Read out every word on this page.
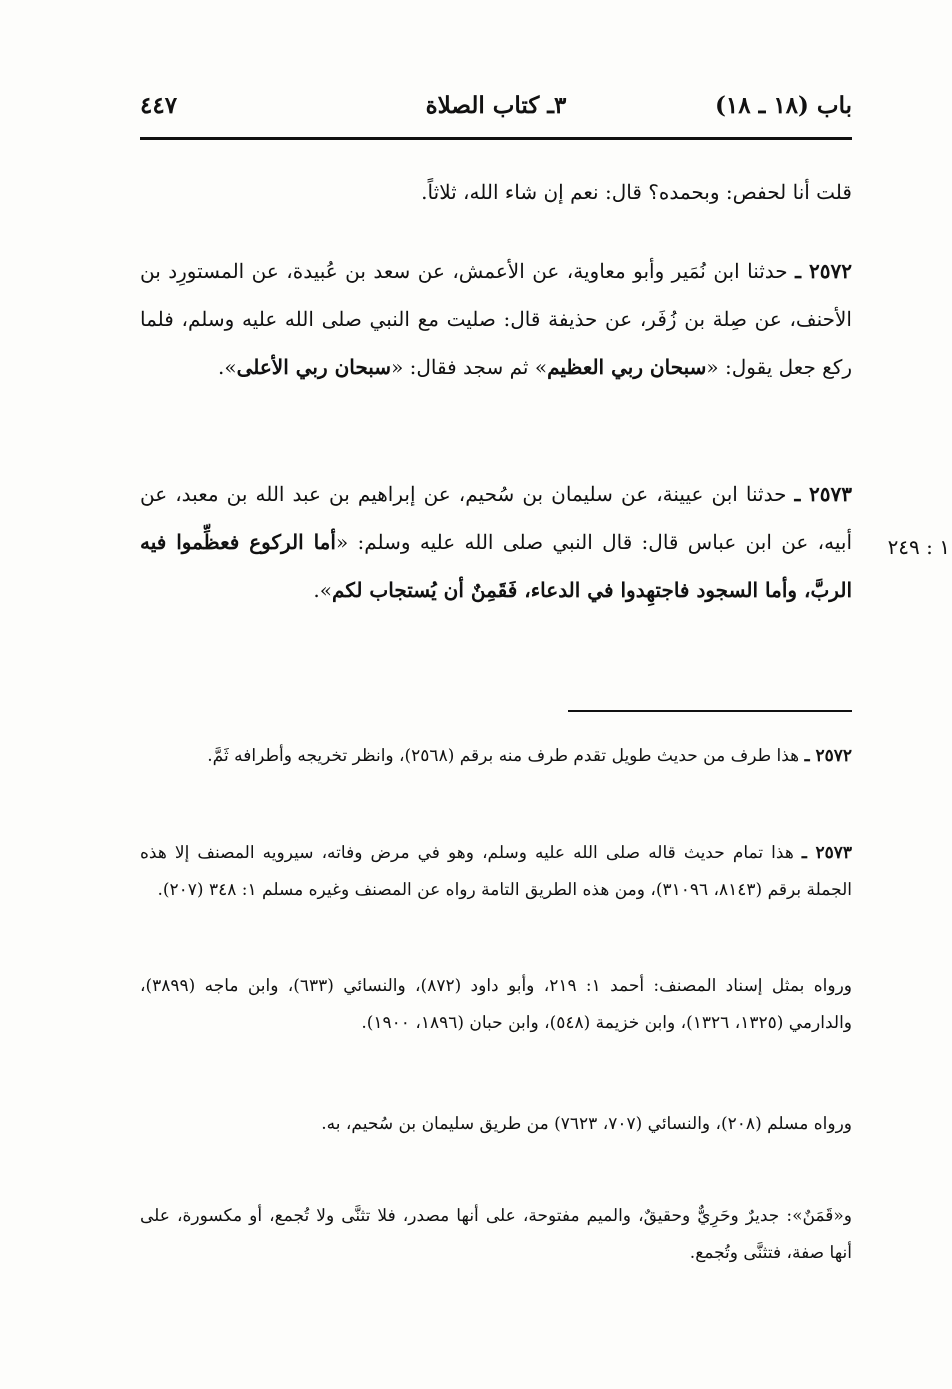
باب (١٨ ـ ١٨)
٣ـ كتاب الصلاة
٤٤٧
قلت أنا لحفص: وبحمده؟ قال: نعم إن شاء الله، ثلاثاً.
٢٥٧٢ ـ حدثنا ابن نُمَير وأبو معاوية، عن الأعمش، عن سعد بن عُبيدة، عن المستورِد بن الأحنف، عن صِلة بن زُفَر، عن حذيفة قال: صليت مع النبي صلى الله عليه وسلم، فلما ركع جعل يقول: «سبحان ربي العظيم» ثم سجد فقال: «سبحان ربي الأعلى».
٢٥٧٣ ـ حدثنا ابن عيينة، عن سليمان بن سُحيم، عن إبراهيم بن عبد الله بن معبد، عن أبيه، عن ابن عباس قال: قال النبي صلى الله عليه وسلم: «أما الركوع فعظِّموا فيه الربَّ، وأما السجود فاجتهِدوا في الدعاء، فَقَمِنٌ أن يُستجاب لكم».
١ : ٢٤٩
٢٥٧٢ ـ هذا طرف من حديث طويل تقدم طرف منه برقم (٢٥٦٨)، وانظر تخريجه وأطرافه ثَمَّ.
٢٥٧٣ ـ هذا تمام حديث قاله صلى الله عليه وسلم، وهو في مرض وفاته، سيرويه المصنف إلا هذه الجملة برقم (٨١٤٣، ٣١٠٩٦)، ومن هذه الطريق التامة رواه عن المصنف وغيره مسلم ١: ٣٤٨ (٢٠٧).
ورواه بمثل إسناد المصنف: أحمد ١: ٢١٩، وأبو داود (٨٧٢)، والنسائي (٦٣٣)، وابن ماجه (٣٨٩٩)، والدارمي (١٣٢٥، ١٣٢٦)، وابن خزيمة (٥٤٨)، وابن حبان (١٨٩٦، ١٩٠٠).
ورواه مسلم (٢٠٨)، والنسائي (٧٠٧، ٧٦٢٣) من طريق سليمان بن سُحيم، به.
و«قَمَنٌ»: جديرٌ وحَرِيٌّ وحقيقٌ، والميم مفتوحة، على أنها مصدر، فلا تثنَّى ولا تُجمع، أو مكسورة، على أنها صفة، فتثنَّى وتُجمع.
